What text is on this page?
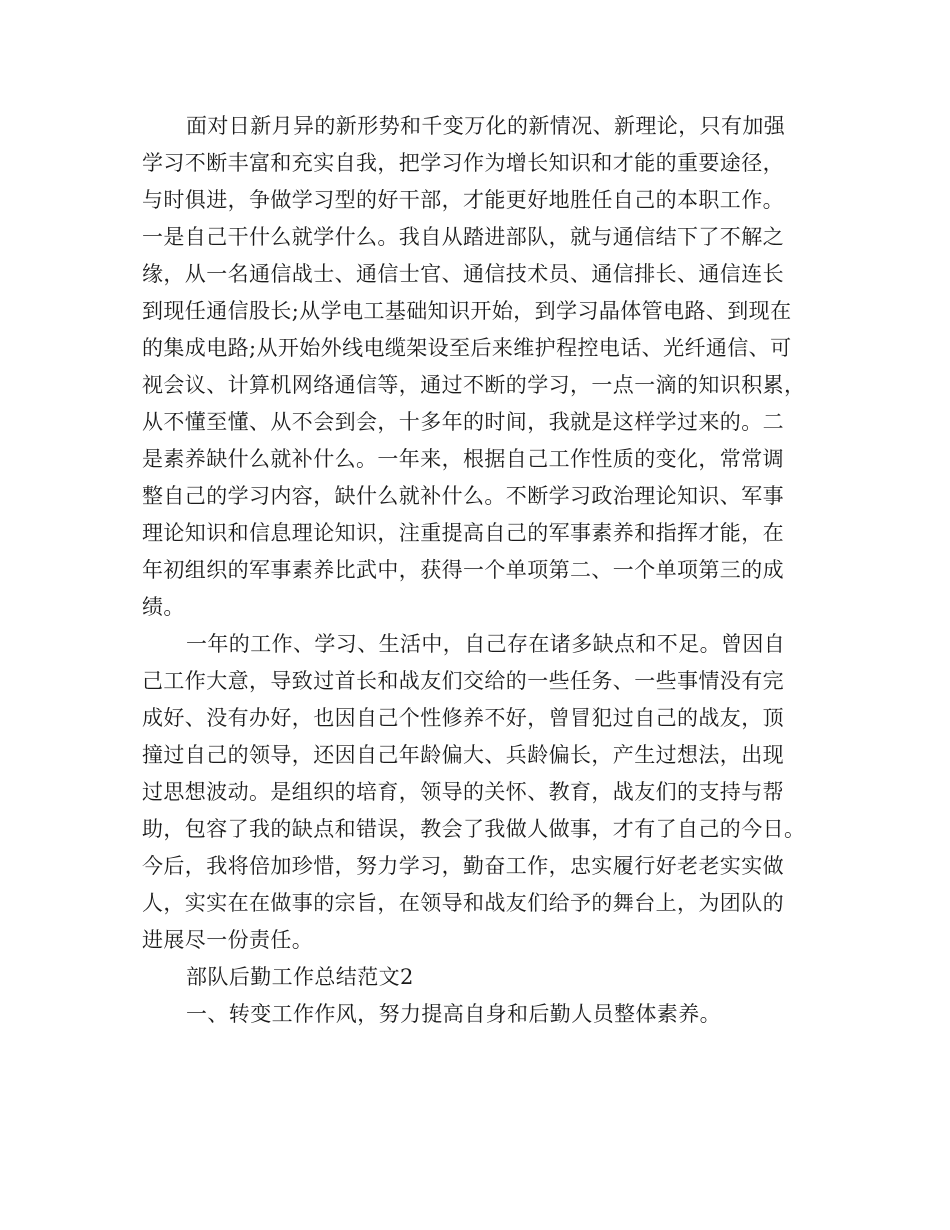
面对日新月异的新形势和千变万化的新情况、新理论，只有加强
学习不断丰富和充实自我，把学习作为增长知识和才能的重要途径，
与时俱进，争做学习型的好干部，才能更好地胜任自己的本职工作。
一是自己干什么就学什么。我自从踏进部队，就与通信结下了不解之
缘，从一名通信战士、通信士官、通信技术员、通信排长、通信连长
到现任通信股长;从学电工基础知识开始，到学习晶体管电路、到现在
的集成电路;从开始外线电缆架设至后来维护程控电话、光纤通信、可
视会议、计算机网络通信等，通过不断的学习，一点一滴的知识积累，
从不懂至懂、从不会到会，十多年的时间，我就是这样学过来的。二
是素养缺什么就补什么。一年来，根据自己工作性质的变化，常常调
整自己的学习内容，缺什么就补什么。不断学习政治理论知识、军事
理论知识和信息理论知识，注重提高自己的军事素养和指挥才能，在
年初组织的军事素养比武中，获得一个单项第二、一个单项第三的成
绩。
一年的工作、学习、生活中，自己存在诸多缺点和不足。曾因自
己工作大意，导致过首长和战友们交给的一些任务、一些事情没有完
成好、没有办好，也因自己个性修养不好，曾冒犯过自己的战友，顶
撞过自己的领导，还因自己年龄偏大、兵龄偏长，产生过想法，出现
过思想波动。是组织的培育，领导的关怀、教育，战友们的支持与帮
助，包容了我的缺点和错误，教会了我做人做事，才有了自己的今日。
今后，我将倍加珍惜，努力学习，勤奋工作，忠实履行好老老实实做
人，实实在在做事的宗旨，在领导和战友们给予的舞台上，为团队的
进展尽一份责任。
部队后勤工作总结范文2
一、转变工作作风，努力提高自身和后勤人员整体素养。
